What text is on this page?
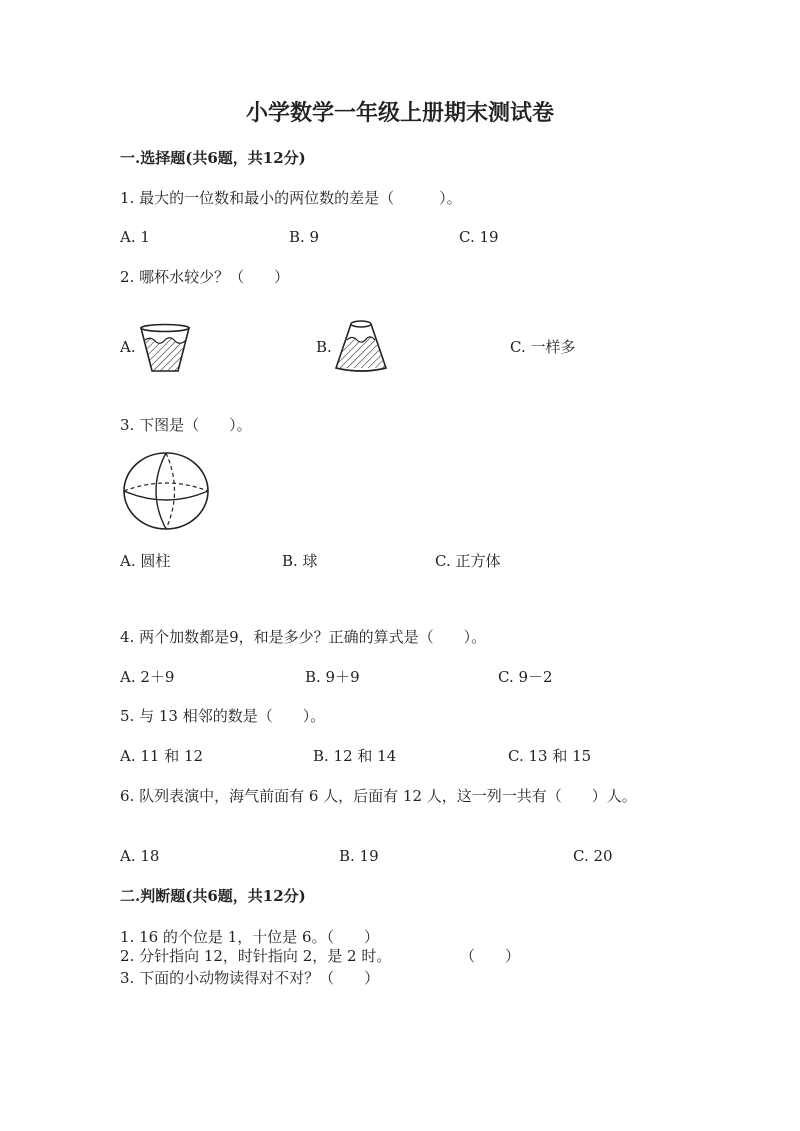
小学数学一年级上册期末测试卷
一.选择题(共6题，共12分)
1. 最大的一位数和最小的两位数的差是（　　　）。
A. 1	B. 9	C. 19
2. 哪杯水较少？（　　）
A.	B.	C. 一样多
3. 下图是（　　）。
A. 圆柱	B. 球	C. 正方体
4. 两个加数都是9，和是多少？正确的算式是（　　）。
A. 2＋9	B. 9＋9	C. 9－2
5. 与 13 相邻的数是（　　）。
A. 11 和 12	B. 12 和 14	C. 13 和 15
6. 队列表演中，海气前面有 6 人，后面有 12 人，这一列一共有（　　）人。
A. 18	B. 19	C. 20
二.判断题(共6题，共12分)
1. 16 的个位是 1，十位是 6。（　　）
2. 分针指向 12，时针指向 2，是 2 时。	（　　）
3. 下面的小动物读得对不对？（　　）
